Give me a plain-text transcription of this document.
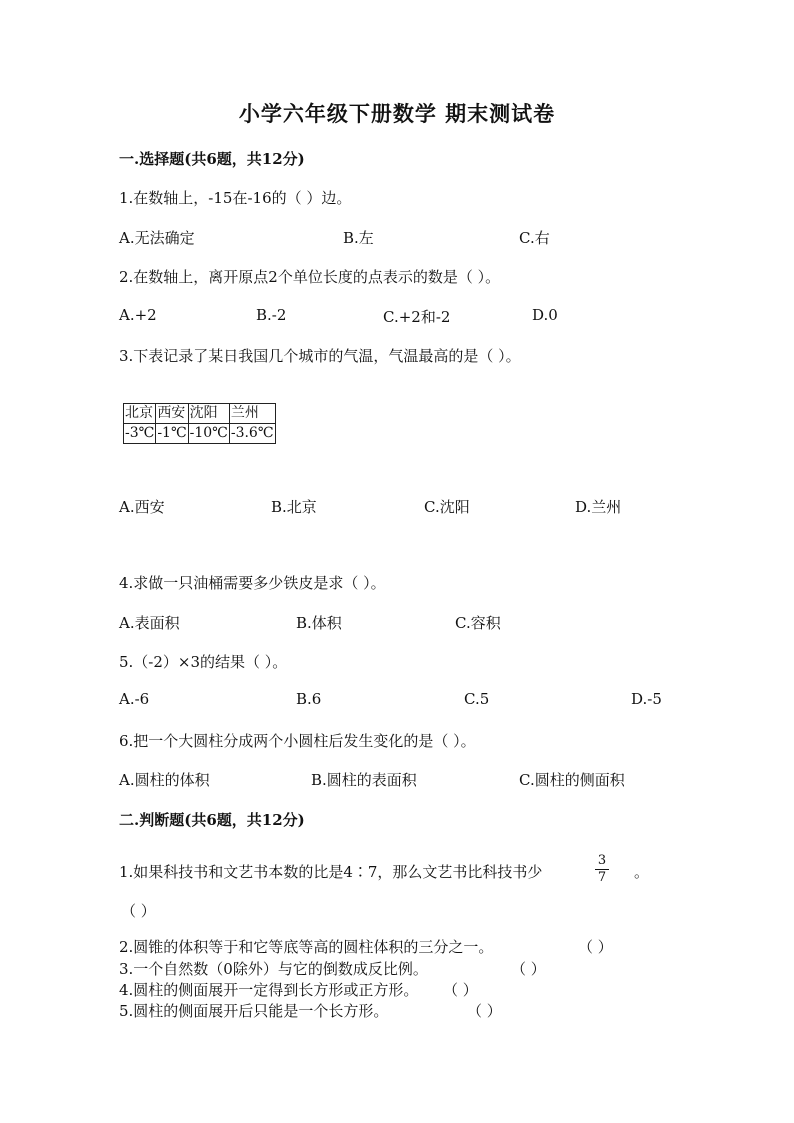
小学六年级下册数学 期末测试卷
一.选择题(共6题，共12分)
1.在数轴上，-15在-16的（ ）边。
A.无法确定	B.左	C.右
2.在数轴上，离开原点2个单位长度的点表示的数是（ ）。
A.+2	B.-2	C.+2和-2	D.0
3.下表记录了某日我国几个城市的气温，气温最高的是（ ）。
北京	西安	沈阳	兰州
-3℃	-1℃	-10℃	-3.6℃
A.西安	B.北京	C.沈阳	D.兰州
4.求做一只油桶需要多少铁皮是求（ ）。
A.表面积	B.体积	C.容积
5.（-2）×3的结果（ ）。
A.-6	B.6	C.5	D.-5
6.把一个大圆柱分成两个小圆柱后发生变化的是（ ）。
A.圆柱的体积	B.圆柱的表面积	C.圆柱的侧面积
二.判断题(共6题，共12分)
1.如果科技书和文艺书本数的比是4∶7，那么文艺书比科技书少
3
7	。
（ ）
2.圆锥的体积等于和它等底等高的圆柱体积的三分之一。	（ ）
3.一个自然数（0除外）与它的倒数成反比例。	（ ）
4.圆柱的侧面展开一定得到长方形或正方形。 （ ）
5.圆柱的侧面展开后只能是一个长方形。	（ ）
